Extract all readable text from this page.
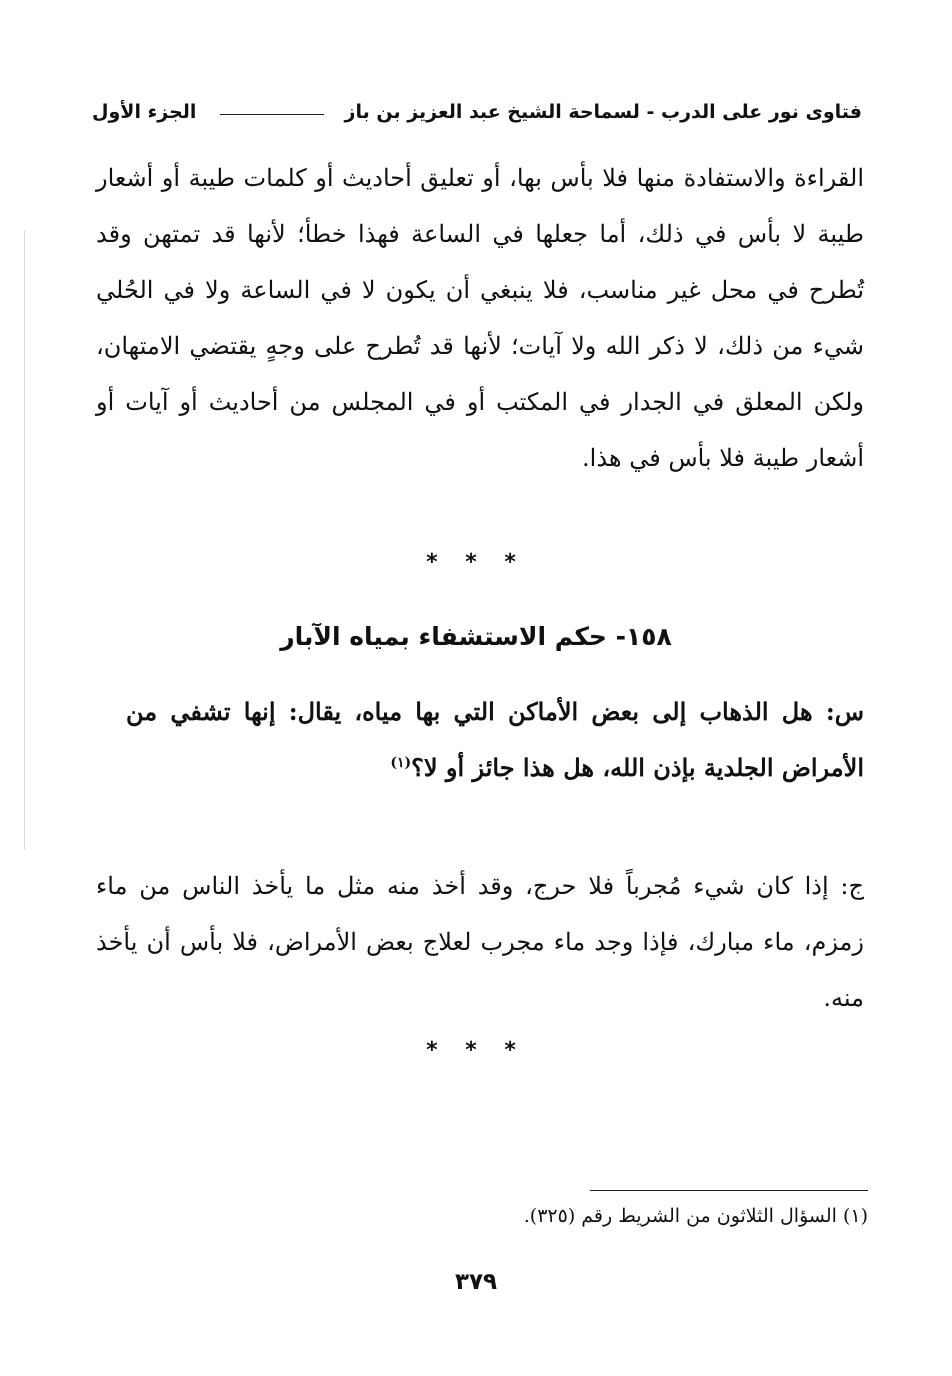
فتاوى نور على الدرب - لسماحة الشيخ عبد العزيز بن باز
الجزء الأول

القراءة والاستفادة منها فلا بأس بها، أو تعليق أحاديث أو كلمات طيبة أو أشعار طيبة لا بأس في ذلك، أما جعلها في الساعة فهذا خطأ؛ لأنها قد تمتهن وقد تُطرح في محل غير مناسب، فلا ينبغي أن يكون لا في الساعة ولا في الحُلي شيء من ذلك، لا ذكر الله ولا آيات؛ لأنها قد تُطرح على وجهٍ يقتضي الامتهان، ولكن المعلق في الجدار في المكتب أو في المجلس من أحاديث أو آيات أو أشعار طيبة فلا بأس في هذا.

* * *
١٥٨- حكم الاستشفاء بمياه الآبار

س: هل الذهاب إلى بعض الأماكن التي بها مياه، يقال: إنها تشفي من الأمراض الجلدية بإذن الله، هل هذا جائز أو لا؟$^{(١)}$

ج: إذا كان شيء مُجرباً فلا حرج، وقد أخذ منه مثل ما يأخذ الناس من ماء زمزم، ماء مبارك، فإذا وجد ماء مجرب لعلاج بعض الأمراض، فلا بأس أن يأخذ منه.

* * *
(١) السؤال الثلاثون من الشريط رقم (٣٢٥).
٣٧٩
